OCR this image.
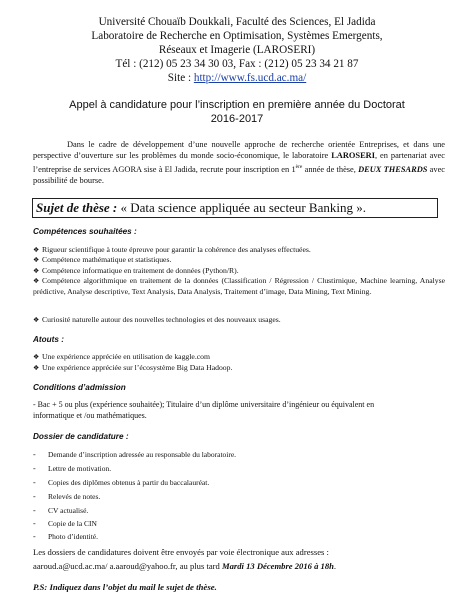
Université Chouaïb Doukkali, Faculté des Sciences, El Jadida
Laboratoire de Recherche en Optimisation, Systèmes Emergents,
Réseaux et Imagerie (LAROSERI)
Tél : (212) 05 23 34 30 03, Fax : (212) 05 23 34 21 87
Site : http://www.fs.ucd.ac.ma/
Appel à candidature pour l’inscription en première année du Doctorat
2016-2017
Dans le cadre de développement d’une nouvelle approche de recherche orientée Entreprises, et dans une perspective d’ouverture sur les problèmes du monde socio-économique, le laboratoire LAROSERI, en partenariat avec l’entreprise de services AGORA sise à El Jadida, recrute pour inscription en 1ère année de thèse, DEUX THESARDS avec possibilité de bourse.
Sujet de thèse : « Data science appliquée au secteur Banking ».
Compétences souhaitées :
❖ Rigueur scientifique à toute épreuve pour garantir la cohérence des analyses effectuées.
❖ Compétence mathématique et statistiques.
❖ Compétence informatique en traitement de données (Python/R).
❖ Compétence algorithmique en traitement de la données (Classification / Régression / Clustirnique, Machine learning, Analyse prédictive, Analyse descriptive, Text Analysis, Data Analysis, Traitement d’image, Data Mining, Text Mining.
❖ Curiosité naturelle autour des nouvelles technologies et des nouveaux usages.
Atouts :
❖ Une expérience appréciée en utilisation de kaggle.com
❖ Une expérience appréciée sur l’écosystème Big Data Hadoop.
Conditions d’admission
- Bac + 5 ou plus (expérience souhaitée); Titulaire d’un diplôme universitaire d’ingénieur ou équivalent en
informatique et /ou mathématiques.
Dossier de candidature :
- Demande d’inscription adressée au responsable du laboratoire.
- Lettre de motivation.
- Copies des diplômes obtenus à partir du baccalauréat.
- Relevés de notes.
- CV actualisé.
- Copie de la CIN
- Photo d’identité.
Les dossiers de candidatures doivent être envoyés par voie électronique aux adresses :
aaroud.a@ucd.ac.ma/ a.aaroud@yahoo.fr, au plus tard Mardi 13 Décembre 2016 à 18h.
P.S: Indiquez dans l’objet du mail le sujet de thèse.
